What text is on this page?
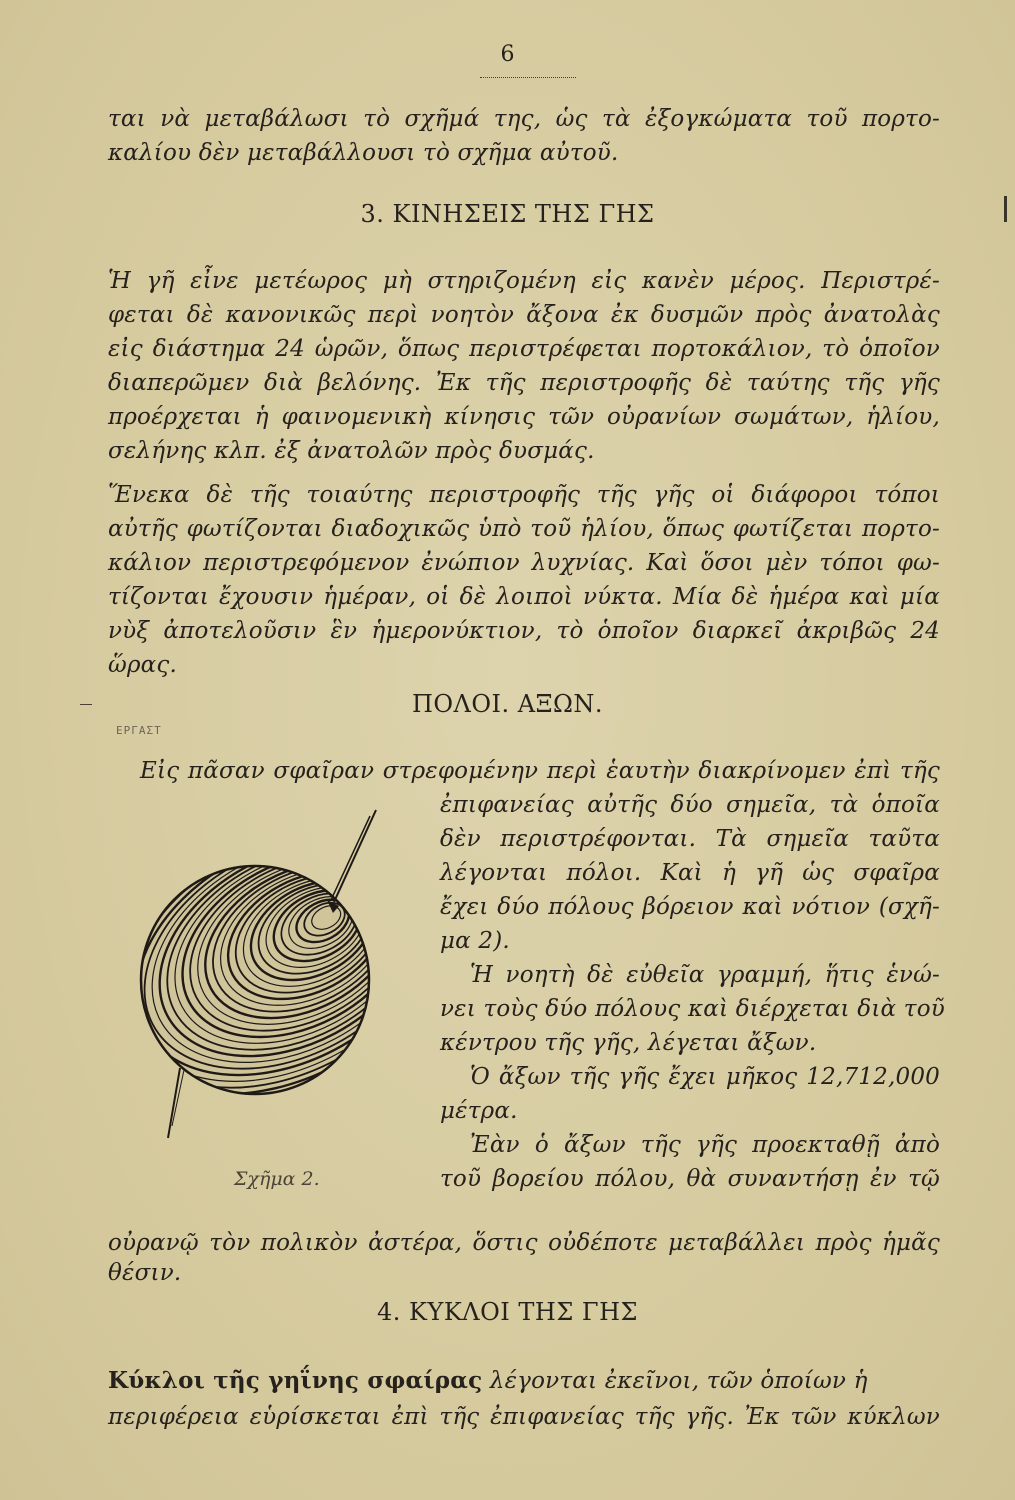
6
ται νὰ μεταβάλωσι τὸ σχῆμά της, ὡς τὰ ἐξογκώματα τοῦ πορτο-
καλίου δὲν μεταβάλλουσι τὸ σχῆμα αὐτοῦ.
3. ΚΙΝΗΣΕΙΣ ΤΗΣ ΓΗΣ
Ἡ γῆ εἶνε μετέωρος μὴ στηριζομένη εἰς κανὲν μέρος. Περιστρέ-
φεται δὲ κανονικῶς περὶ νοητὸν ἄξονα ἐκ δυσμῶν πρὸς ἀνατολὰς
εἰς διάστημα 24 ὡρῶν, ὅπως περιστρέφεται πορτοκάλιον, τὸ ὁποῖον
διαπερῶμεν διὰ βελόνης. Ἐκ τῆς περιστροφῆς δὲ ταύτης τῆς γῆς
προέρχεται ἡ φαινομενικὴ κίνησις τῶν οὐρανίων σωμάτων, ἡλίου,
σελήνης κλπ. ἐξ ἀνατολῶν πρὸς δυσμάς.
Ἕνεκα δὲ τῆς τοιαύτης περιστροφῆς τῆς γῆς οἱ διάφοροι τόποι
αὐτῆς φωτίζονται διαδοχικῶς ὑπὸ τοῦ ἡλίου, ὅπως φωτίζεται πορτο-
κάλιον περιστρεφόμενον ἐνώπιον λυχνίας. Καὶ ὅσοι μὲν τόποι φω-
τίζονται ἔχουσιν ἡμέραν, οἱ δὲ λοιποὶ νύκτα. Μία δὲ ἡμέρα καὶ μία
νὺξ ἀποτελοῦσιν ἓν ἡμερονύκτιον, τὸ ὁποῖον διαρκεῖ ἀκριβῶς 24
ὥρας.
ΠΟΛΟΙ. ΑΞΩΝ.
ΕΡΓΑΣΤ
Εἰς πᾶσαν σφαῖραν στρεφομένην περὶ ἑαυτὴν διακρίνομεν ἐπὶ τῆς
ἐπιφανείας αὐτῆς δύο σημεῖα, τὰ ὁποῖα
δὲν περιστρέφονται. Τὰ σημεῖα ταῦτα
λέγονται πόλοι. Καὶ ἡ γῆ ὡς σφαῖρα
ἔχει δύο πόλους βόρειον καὶ νότιον (σχῆ-
μα 2).
Ἡ νοητὴ δὲ εὐθεῖα γραμμή, ἥτις ἑνώ-
νει τοὺς δύο πόλους καὶ διέρχεται διὰ τοῦ
κέντρου τῆς γῆς, λέγεται ἄξων.
Ὁ ἄξων τῆς γῆς ἔχει μῆκος 12,712,000
μέτρα.
Ἐὰν ὁ ἄξων τῆς γῆς προεκταθῇ ἀπὸ
τοῦ βορείου πόλου, θὰ συναντήσῃ ἐν τῷ
Σχῆμα 2.
οὐρανῷ τὸν πολικὸν ἀστέρα, ὅστις οὐδέποτε μεταβάλλει πρὸς ἡμᾶς
θέσιν.
4. ΚΥΚΛΟΙ ΤΗΣ ΓΗΣ
Κύκλοι τῆς γηΐνης σφαίρας λέγονται ἐκεῖνοι, τῶν ὁποίων ἡ
περιφέρεια εὑρίσκεται ἐπὶ τῆς ἐπιφανείας τῆς γῆς. Ἐκ τῶν κύκλων
